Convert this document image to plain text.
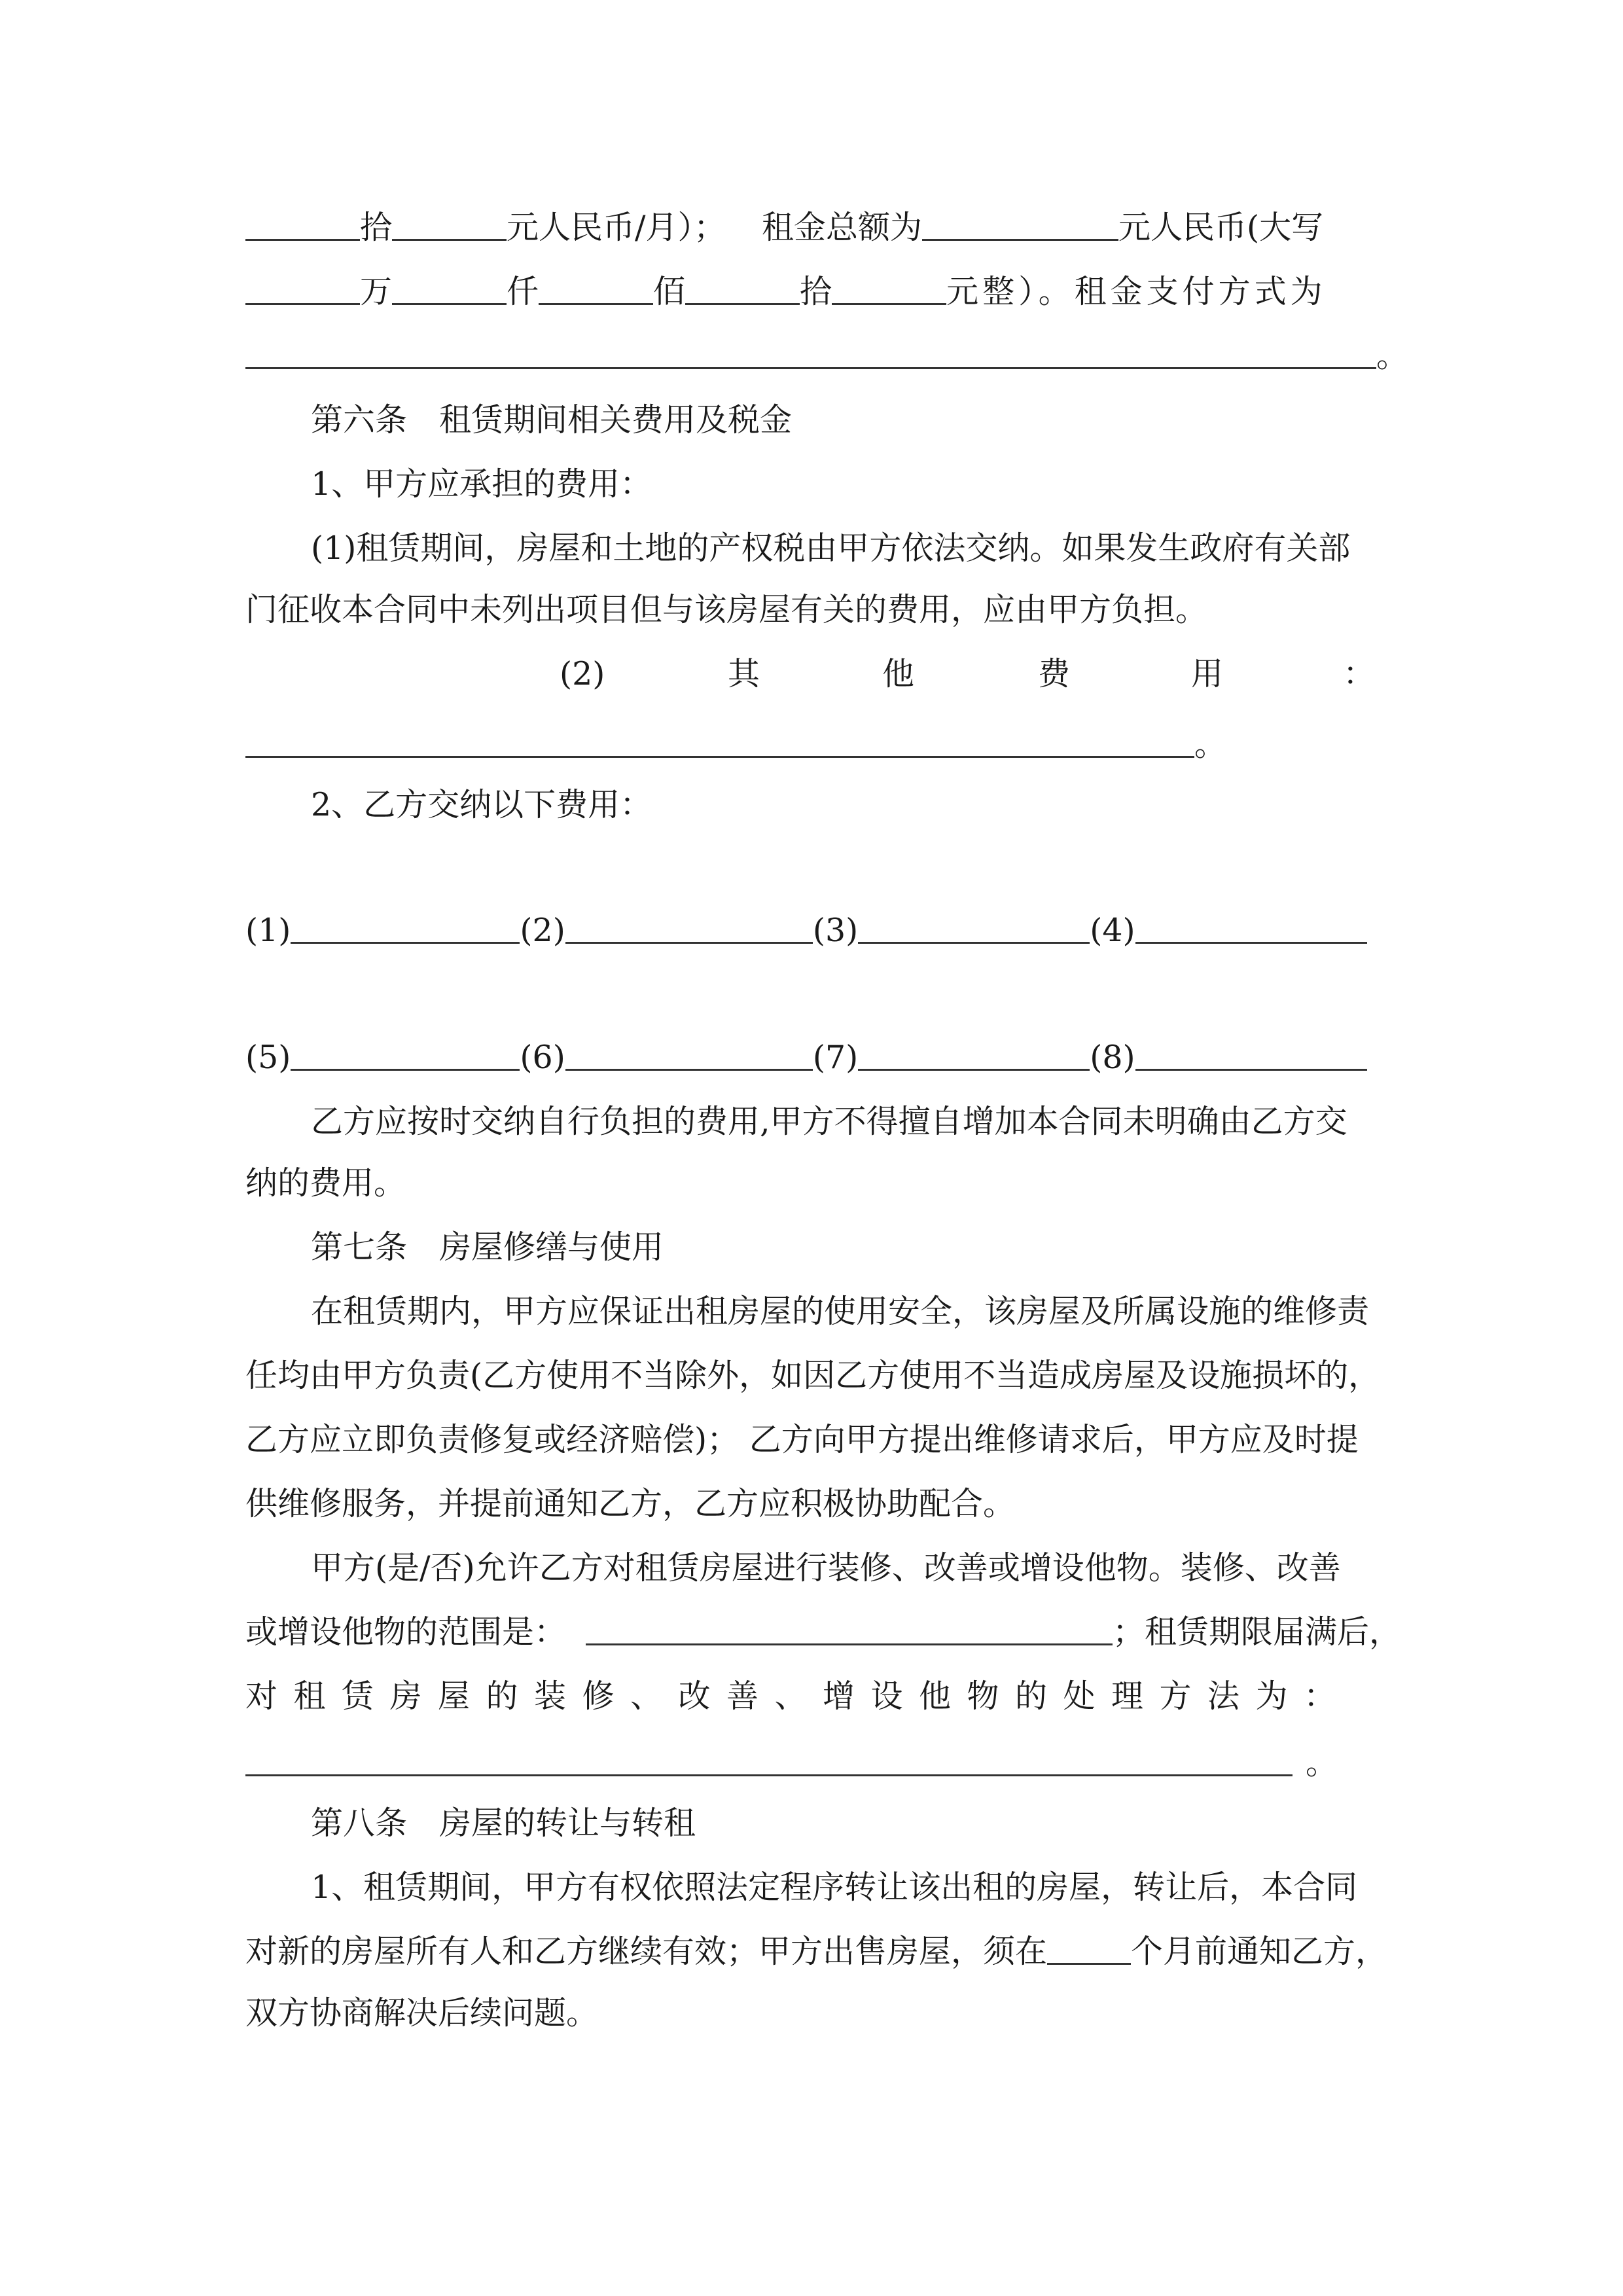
拾	元人民币/月）； 租金总额为	元人民币(大写
万	仟	佰	拾	元整）。租金支付方式为
。
第六条　租赁期间相关费用及税金
1、甲方应承担的费用：
(1)租赁期间，房屋和土地的产权税由甲方依法交纳。如果发生政府有关部
门征收本合同中未列出项目但与该房屋有关的费用，应由甲方负担。
(2)	其	他	费	用	：
。
2、乙方交纳以下费用：
(1)	(2)	(3)	(4)
(5)	(6)	(7)	(8)
乙方应按时交纳自行负担的费用,甲方不得擅自增加本合同未明确由乙方交
纳的费用。
第七条　房屋修缮与使用
在租赁期内，甲方应保证出租房屋的使用安全，该房屋及所属设施的维修责
任均由甲方负责(乙方使用不当除外，如因乙方使用不当造成房屋及设施损坏的，
乙方应立即负责修复或经济赔偿)； 乙方向甲方提出维修请求后，甲方应及时提
供维修服务，并提前通知乙方，乙方应积极协助配合。
甲方(是/否)允许乙方对租赁房屋进行装修、改善或增设他物。装修、改善
或增设他物的范围是：	；租赁期限届满后，
对租赁房屋的装修、改善、增设他物的处理方法为：
。
第八条　房屋的转让与转租
1、租赁期间，甲方有权依照法定程序转让该出租的房屋，转让后，本合同
对新的房屋所有人和乙方继续有效；甲方出售房屋，须在	个月前通知乙方，
双方协商解决后续问题。
